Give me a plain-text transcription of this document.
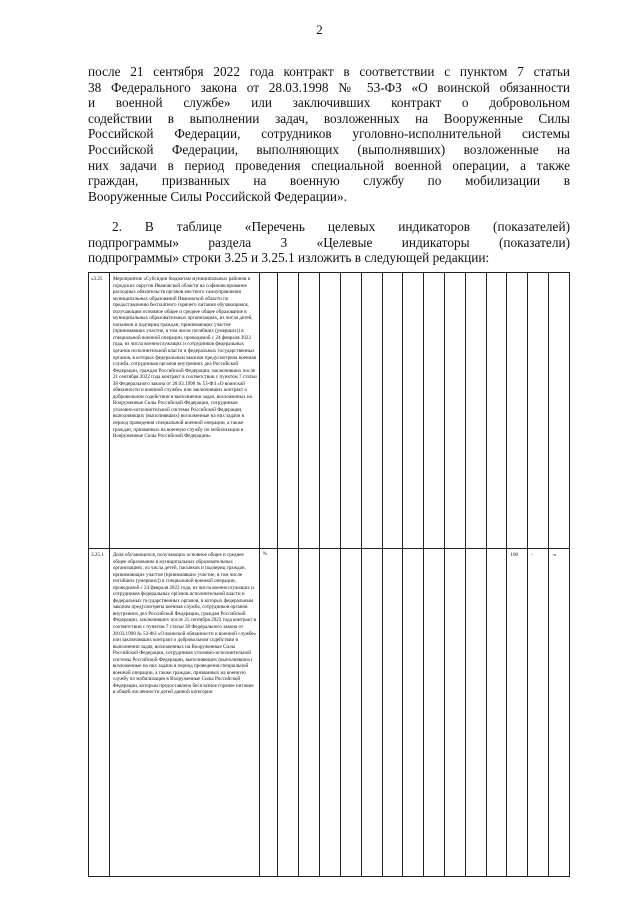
2
после 21 сентября 2022 года контракт в соответствии с пунктом 7 статьи
38 Федерального закона от 28.03.1998 № 53-ФЗ «О воинской обязанности
и военной службе» или заключивших контракт о добровольном
содействии в выполнении задач, возложенных на Вооруженные Силы
Российской Федерации, сотрудников уголовно-исполнительной системы
Российской Федерации, выполняющих (выполнявших) возложенные на
них задачи в период проведения специальной военной операции, а также
граждан, призванных на военную службу по мобилизации в
Вооруженные Силы Российской Федерации».
2. В таблице «Перечень целевых индикаторов (показателей)
подпрограммы» раздела 3 «Целевые индикаторы (показатели)
подпрограммы» строки 3.25 и 3.25.1 изложить в следующей редакции:
«3.25	Мероприятие «Субсидии бюджетам муниципальных районов и городских округов Ивановской области на софинансирование расходных обязательств органов местного самоуправления муниципальных образований Ивановской области по предоставлению бесплатного горячего питания обучающимся, получающим основное общее и среднее общее образование в муниципальных образовательных организациях, из числа детей, пасынков и падчериц граждан, принимающих участие (принимавших участие, в том числе погибших (умерших)) в специальной военной операции, проводимой с 24 февраля 2022 года, из числа военнослужащих и сотрудников федеральных органов исполнительной власти и федеральных государственных органов, в которых федеральным законом предусмотрена военная служба, сотрудников органов внутренних дел Российской Федерации, граждан Российской Федерации, заключивших после 21 сентября 2022 года контракт в соответствии с пунктом 7 статьи 38 Федерального закона от 28.03.1998 № 53-ФЗ «О воинской обязанности и военной службе» или заключивших контракт о добровольном содействии в выполнении задач, возложенных на Вооруженные Силы Российской Федерации, сотрудников уголовно-исполнительной системы Российской Федерации, выполняющих (выполнявших) возложенные на них задачи в период проведения специальной военной операции, а также граждан, призванных на военную службу по мобилизации в Вооруженные Силы Российской Федерации»															
3.25.1	Доля обучающихся, получающих основное общее и среднее общее образование в муниципальных образовательных организациях, из числа детей, пасынков и падчериц граждан, принимающих участие (принимавших участие, в том числе погибших (умерших)) в специальной военной операции, проводимой с 24 февраля 2022 года, из числа военнослужащих и сотрудников федеральных органов исполнительной власти и федеральных государственных органов, в которых федеральным законом предусмотрена военная служба, сотрудников органов внутренних дел Российской Федерации, граждан Российской Федерации, заключивших после 21 сентября 2022 года контракт в соответствии с пунктом 7 статьи 38 Федерального закона от 28.03.1998 № 53-ФЗ «О воинской обязанности и военной службе» или заключивших контракт о добровольном содействии в выполнении задач, возложенных на Вооруженные Силы Российской Федерации, сотрудников уголовно-исполнительной системы Российской Федерации, выполняющих (выполнявших) возложенные на них задачи в период проведения специальной военной операции, а также граждан, призванных на военную службу по мобилизации в Вооруженные Силы Российской Федерации, которым предоставлено бесплатное горячее питание в общей численности детей данной категории	%												100	-	-»
